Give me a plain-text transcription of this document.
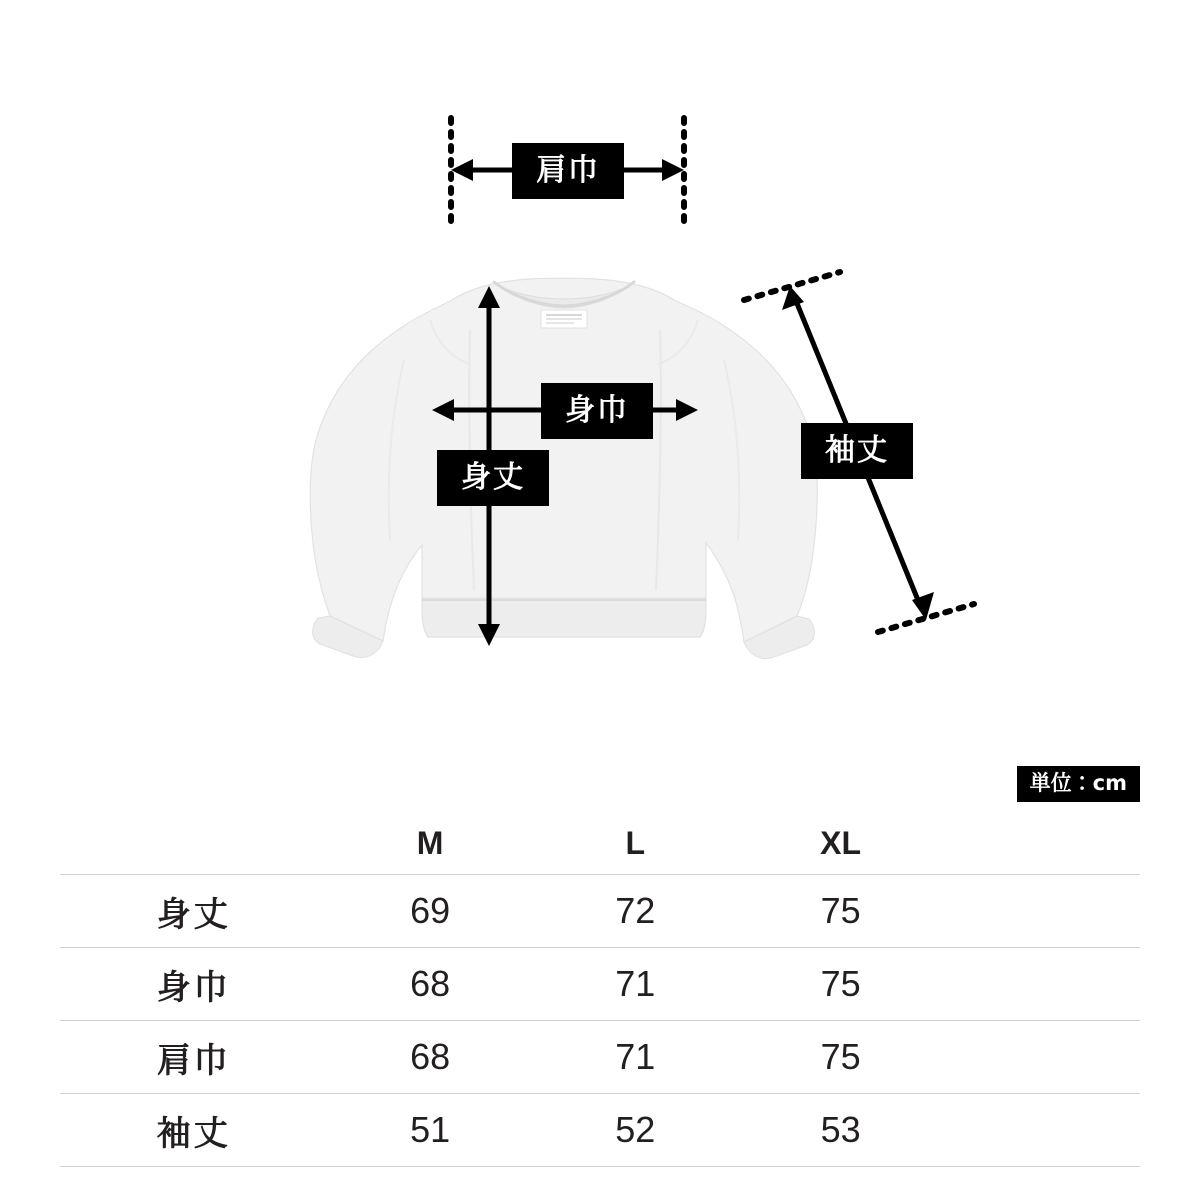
肩巾
身巾
身丈
袖丈
単位：cm
	M	L	XL	
身丈	69	72	75	
身巾	68	71	75	
肩巾	68	71	75	
袖丈	51	52	53	
